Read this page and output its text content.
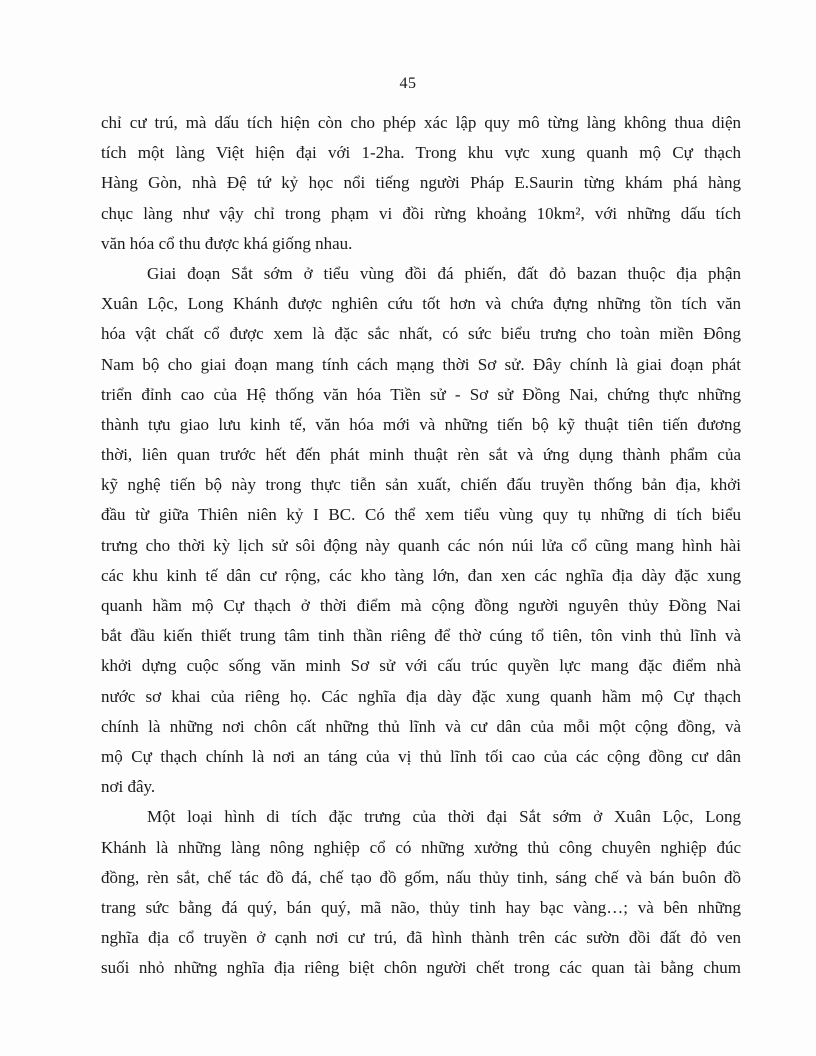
45
chỉ cư trú, mà dấu tích hiện còn cho phép xác lập quy mô từng làng không thua diện
tích một làng Việt hiện đại với 1-2ha. Trong khu vực xung quanh mộ Cự thạch
Hàng Gòn, nhà Đệ tứ kỷ học nổi tiếng người Pháp E.Saurin từng khám phá hàng
chục làng như vậy chỉ trong phạm vi đồi rừng khoảng 10km², với những dấu tích
văn hóa cổ thu được khá giống nhau.
Giai đoạn Sắt sớm ở tiểu vùng đồi đá phiến, đất đỏ bazan thuộc địa phận
Xuân Lộc, Long Khánh được nghiên cứu tốt hơn và chứa đựng những tồn tích văn
hóa vật chất cổ được xem là đặc sắc nhất, có sức biểu trưng cho toàn miền Đông
Nam bộ cho giai đoạn mang tính cách mạng thời Sơ sử. Đây chính là giai đoạn phát
triển đỉnh cao của Hệ thống văn hóa Tiền sử - Sơ sử Đồng Nai, chứng thực những
thành tựu giao lưu kinh tế, văn hóa mới và những tiến bộ kỹ thuật tiên tiến đương
thời, liên quan trước hết đến phát minh thuật rèn sắt và ứng dụng thành phẩm của
kỹ nghệ tiến bộ này trong thực tiễn sản xuất, chiến đấu truyền thống bản địa, khởi
đầu từ giữa Thiên niên kỷ I BC. Có thể xem tiểu vùng quy tụ những di tích biểu
trưng cho thời kỳ lịch sử sôi động này quanh các nón núi lửa cổ cũng mang hình hài
các khu kinh tế dân cư rộng, các kho tàng lớn, đan xen các nghĩa địa dày đặc xung
quanh hầm mộ Cự thạch ở thời điểm mà cộng đồng người nguyên thủy Đồng Nai
bắt đầu kiến thiết trung tâm tinh thần riêng để thờ cúng tổ tiên, tôn vinh thủ lĩnh và
khởi dựng cuộc sống văn minh Sơ sử với cấu trúc quyền lực mang đặc điểm nhà
nước sơ khai của riêng họ. Các nghĩa địa dày đặc xung quanh hầm mộ Cự thạch
chính là những nơi chôn cất những thủ lĩnh và cư dân của mỗi một cộng đồng, và
mộ Cự thạch chính là nơi an táng của vị thủ lĩnh tối cao của các cộng đồng cư dân
nơi đây.
Một loại hình di tích đặc trưng của thời đại Sắt sớm ở Xuân Lộc, Long
Khánh là những làng nông nghiệp cổ có những xưởng thủ công chuyên nghiệp đúc
đồng, rèn sắt, chế tác đồ đá, chế tạo đồ gốm, nấu thủy tinh, sáng chế và bán buôn đồ
trang sức bằng đá quý, bán quý, mã não, thủy tinh hay bạc vàng…; và bên những
nghĩa địa cổ truyền ở cạnh nơi cư trú, đã hình thành trên các sườn đồi đất đỏ ven
suối nhỏ những nghĩa địa riêng biệt chôn người chết trong các quan tài bằng chum
